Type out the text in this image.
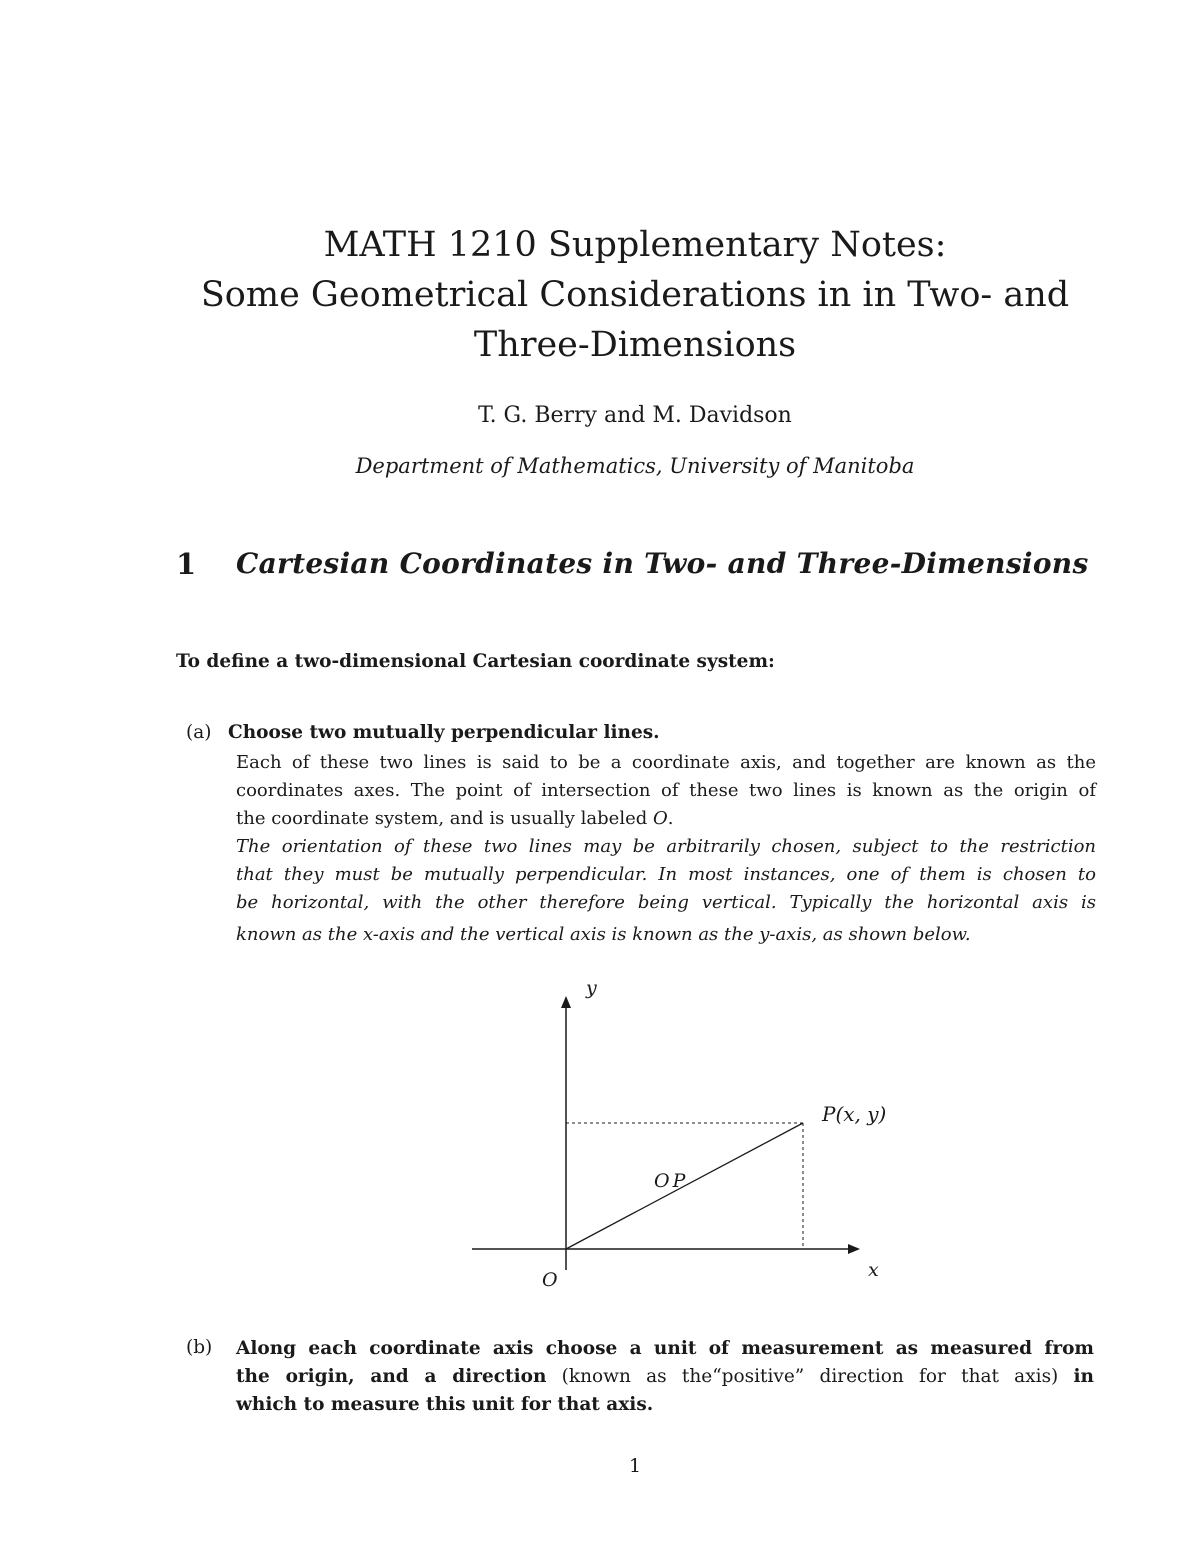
MATH 1210 Supplementary Notes:
Some Geometrical Considerations in in Two- and
Three-Dimensions
T. G. Berry and M. Davidson
Department of Mathematics, University of Manitoba
1 Cartesian Coordinates in Two- and Three-Dimensions
To define a two-dimensional Cartesian coordinate system:
(a) Choose two mutually perpendicular lines.
Each of these two lines is said to be a coordinate axis, and together are known as the
coordinates axes. The point of intersection of these two lines is known as the origin of
the coordinate system, and is usually labeled O.
The orientation of these two lines may be arbitrarily chosen, subject to the restriction
that they must be mutually perpendicular. In most instances, one of them is chosen to
be horizontal, with the other therefore being vertical. Typically the horizontal axis is
known as the x-axis and the vertical axis is known as the y-axis, as shown below.
y
x
O
P(x, y)
OP
(b) Along each coordinate axis choose a unit of measurement as measured from
the origin, and a direction (known as the“positive” direction for that axis) in
which to measure this unit for that axis.
1
